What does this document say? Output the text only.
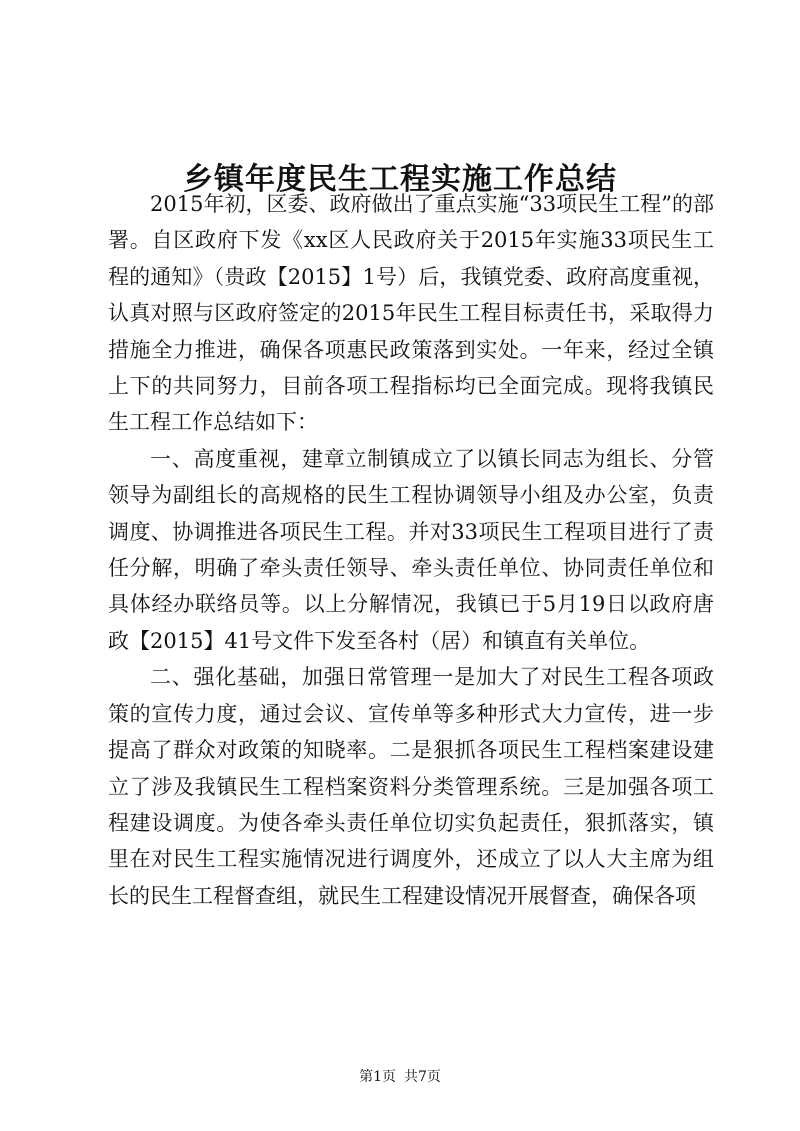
乡镇年度民生工程实施工作总结

2015年初，区委、政府做出了重点实施“33项民生工程”的部署。自区政府下发《xx区人民政府关于2015年实施33项民生工程的通知》（贵政【2015】1号）后，我镇党委、政府高度重视，认真对照与区政府签定的2015年民生工程目标责任书，采取得力措施全力推进，确保各项惠民政策落到实处。一年来，经过全镇上下的共同努力，目前各项工程指标均已全面完成。现将我镇民生工程工作总结如下：

一、高度重视，建章立制镇成立了以镇长同志为组长、分管领导为副组长的高规格的民生工程协调领导小组及办公室，负责调度、协调推进各项民生工程。并对33项民生工程项目进行了责任分解，明确了牵头责任领导、牵头责任单位、协同责任单位和具体经办联络员等。以上分解情况，我镇已于5月19日以政府唐政【2015】41号文件下发至各村（居）和镇直有关单位。

二、强化基础，加强日常管理一是加大了对民生工程各项政策的宣传力度，通过会议、宣传单等多种形式大力宣传，进一步提高了群众对政策的知晓率。二是狠抓各项民生工程档案建设建立了涉及我镇民生工程档案资料分类管理系统。三是加强各项工程建设调度。为使各牵头责任单位切实负起责任，狠抓落实，镇里在对民生工程实施情况进行调度外，还成立了以人大主席为组长的民生工程督查组，就民生工程建设情况开展督查，确保各项

第1页 共7页
